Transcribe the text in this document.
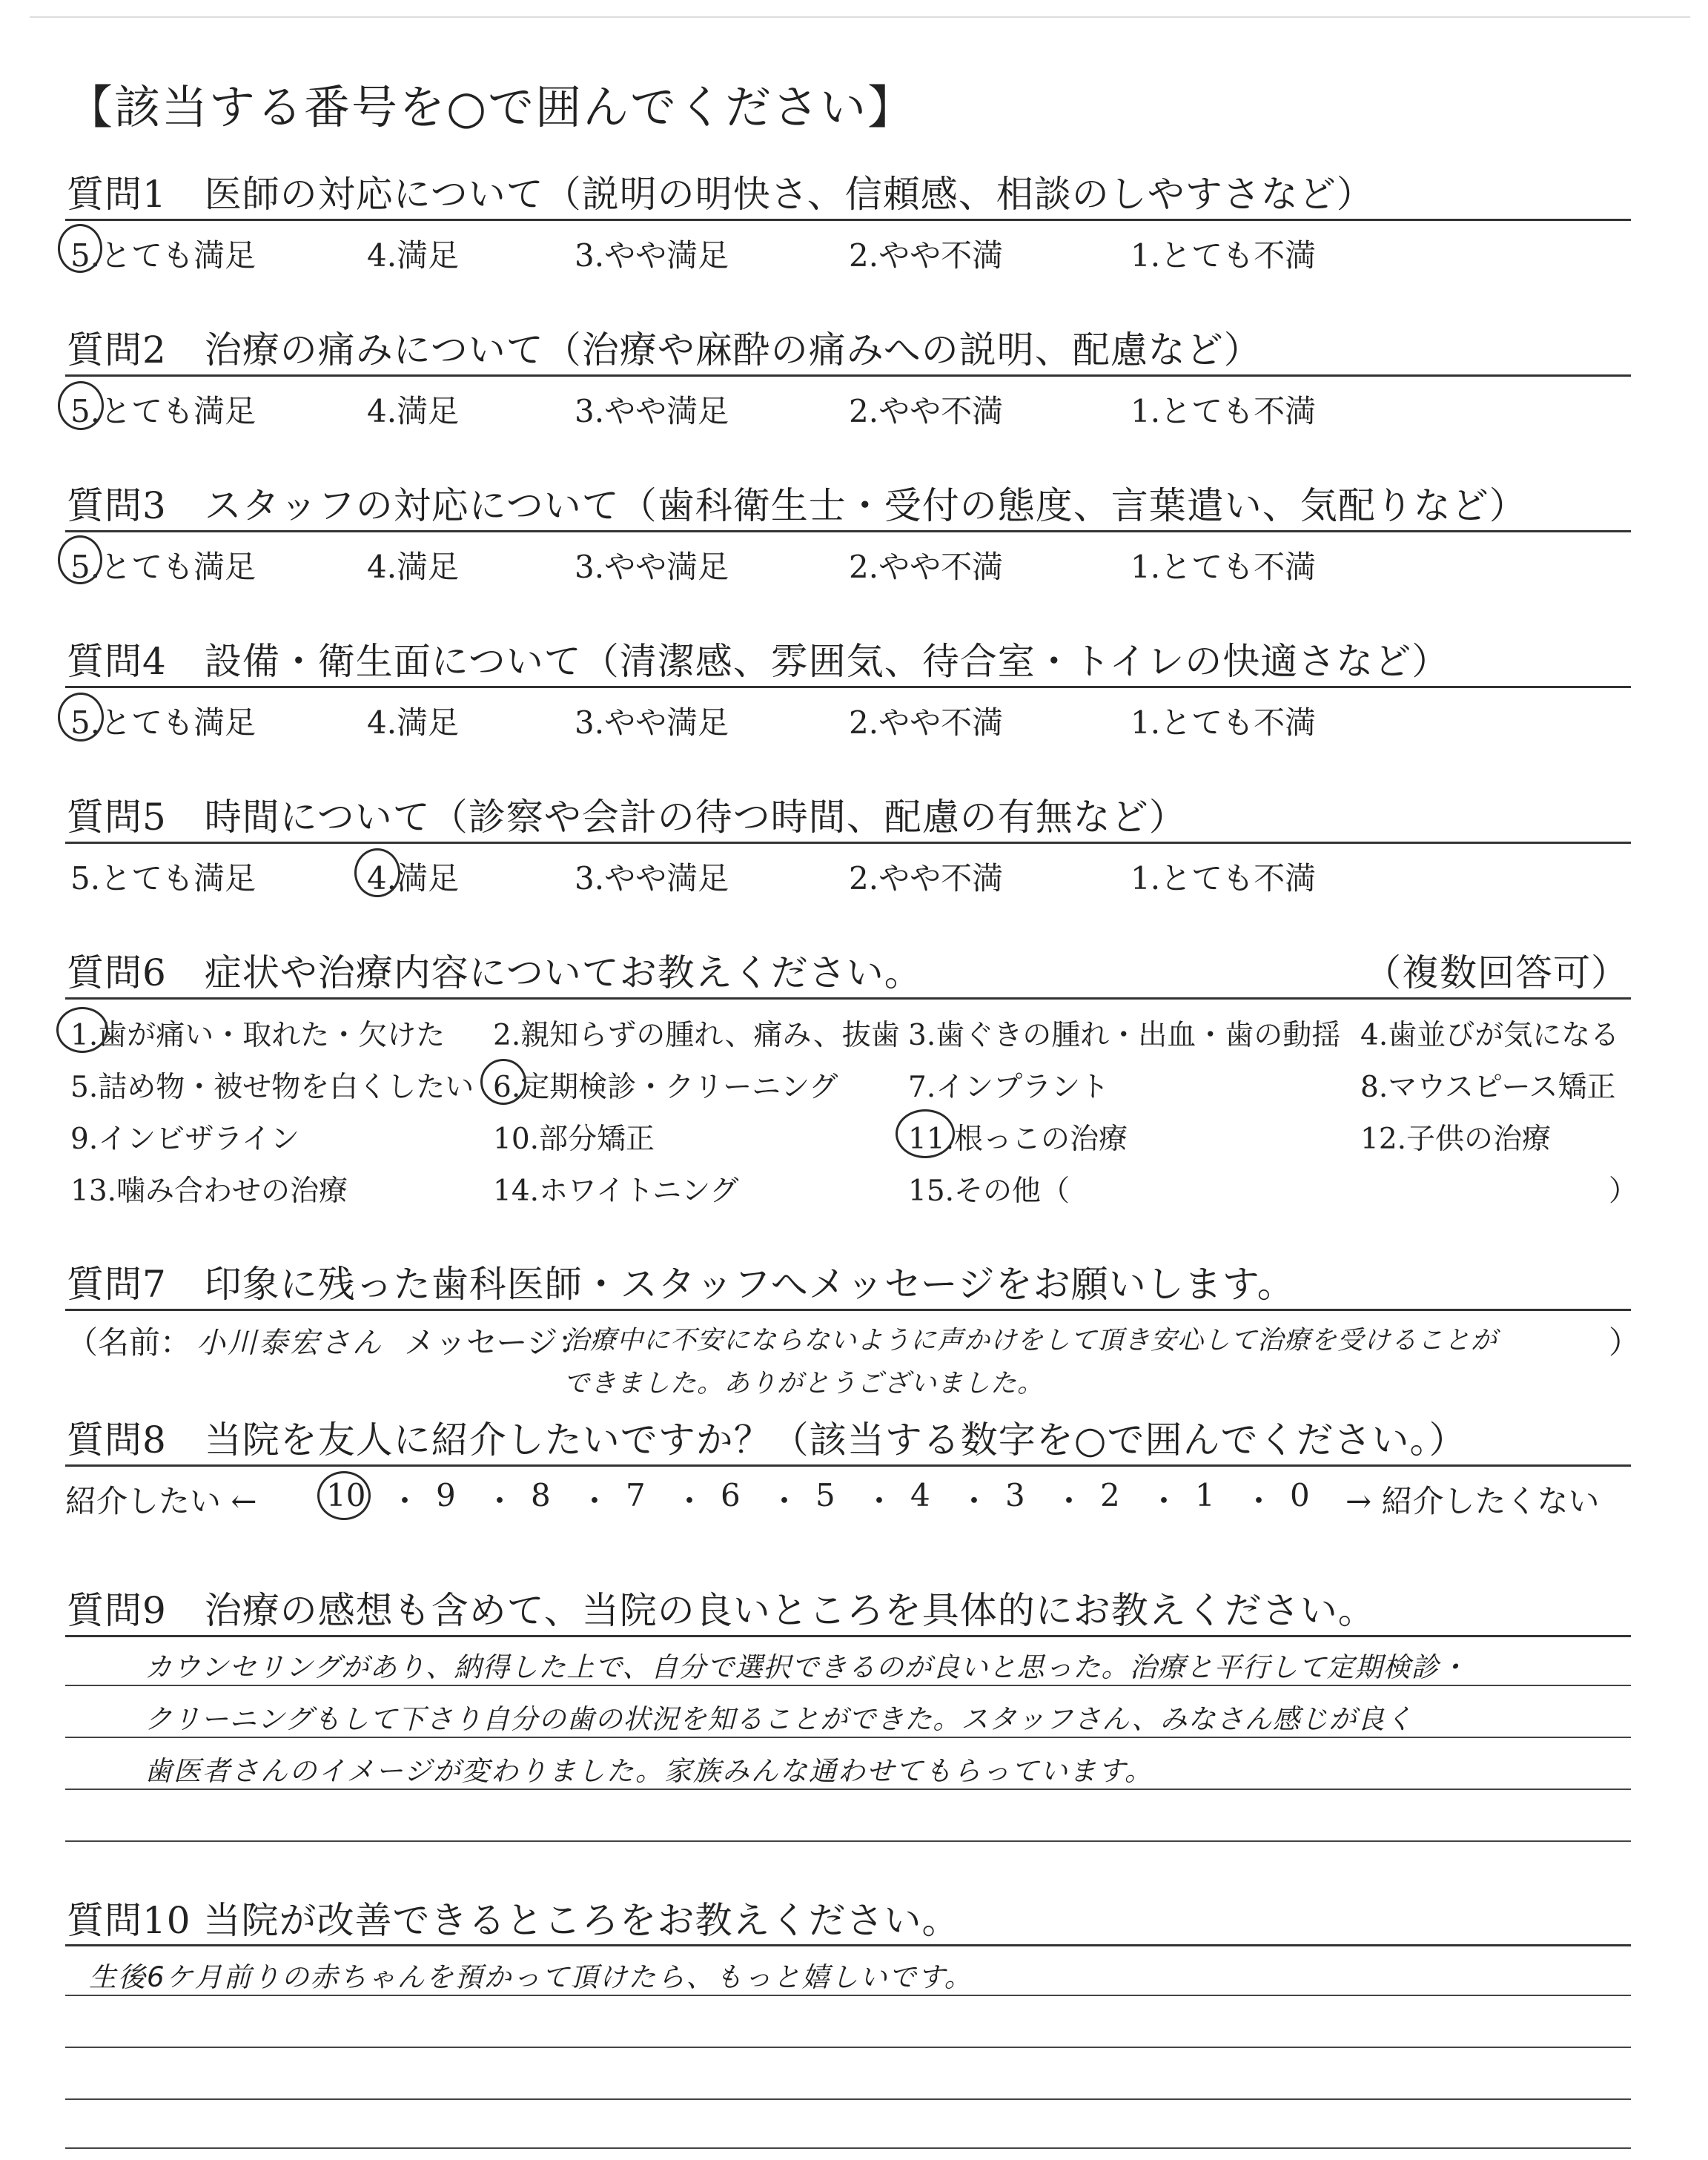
【該当する番号を○で囲んでください】
質問1　医師の対応について（説明の明快さ、信頼感、相談のしやすさなど）
5.とても満足	4.満足	3.やや満足	2.やや不満	1.とても不満
質問2　治療の痛みについて（治療や麻酔の痛みへの説明、配慮など）
5.とても満足	4.満足	3.やや満足	2.やや不満	1.とても不満
質問3　スタッフの対応について（歯科衛生士・受付の態度、言葉遣い、気配りなど）
5.とても満足	4.満足	3.やや満足	2.やや不満	1.とても不満
質問4　設備・衛生面について（清潔感、雰囲気、待合室・トイレの快適さなど）
5.とても満足	4.満足	3.やや満足	2.やや不満	1.とても不満
質問5　時間について（診察や会計の待つ時間、配慮の有無など）
5.とても満足	4.満足	3.やや満足	2.やや不満	1.とても不満
質問6　症状や治療内容についてお教えください。	（複数回答可）
1.歯が痛い・取れた・欠けた 2.親知らずの腫れ、痛み、抜歯 3.歯ぐきの腫れ・出血・歯の動揺 4.歯並びが気になる
5.詰め物・被せ物を白くしたい 6.定期検診・クリーニング 7.インプラント	8.マウスピース矯正
9.インビザライン	10.部分矯正	11.根っこの治療	12.子供の治療
13.噛み合わせの治療	14.ホワイトニング	15.その他（	）
質問7　印象に残った歯科医師・スタッフへメッセージをお願いします。
（名前： 小川泰宏さん メッセージ：
治療中に不安にならないように声かけをして頂き安心して治療を受けることが	）
できました。ありがとうございました。
質問8　当院を友人に紹介したいですか？（該当する数字を○で囲んでください。）
紹介したい ←	→ 紹介したくない
10 ・ 9 ・ 8 ・ 7 ・ 6 ・ 5 ・ 4 ・ 3 ・ 2 ・ 1 ・ 0
質問9　治療の感想も含めて、当院の良いところを具体的にお教えください。
カウンセリングがあり、納得した上で、自分で選択できるのが良いと思った。治療と平行して定期検診・
クリーニングもして下さり自分の歯の状況を知ることができた。スタッフさん、みなさん感じが良く
歯医者さんのイメージが変わりました。家族みんな通わせてもらっています。
質問10 当院が改善できるところをお教えください。
生後6ケ月前りの赤ちゃんを預かって頂けたら、もっと嬉しいです。
